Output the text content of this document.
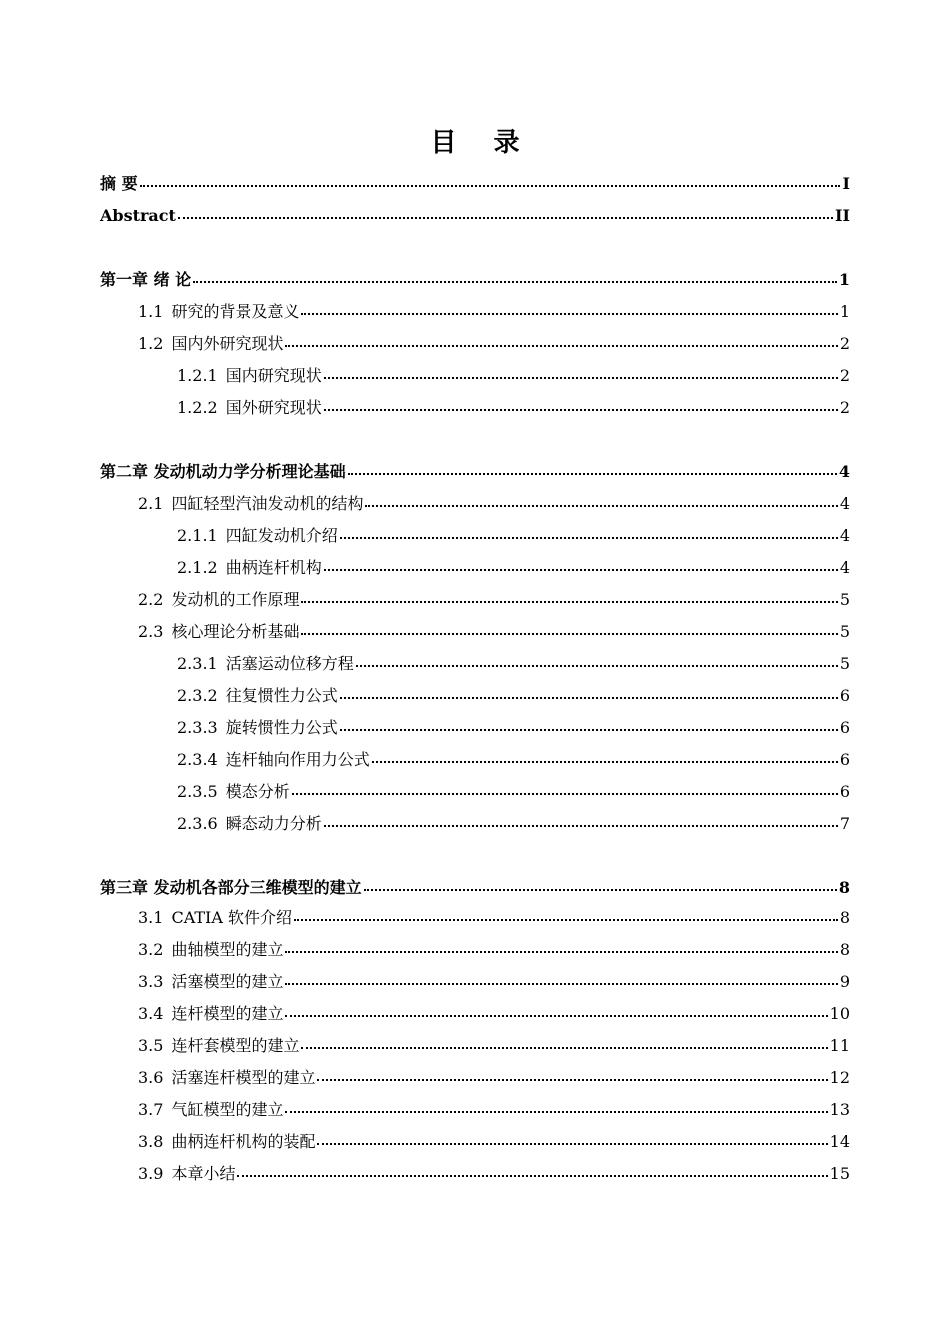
目 录
摘 要	I
Abstract	II
第一章 绪 论	1
1.1 研究的背景及意义	1
1.2 国内外研究现状	2
1.2.1 国内研究现状	2
1.2.2 国外研究现状	2
第二章 发动机动力学分析理论基础	4
2.1 四缸轻型汽油发动机的结构	4
2.1.1 四缸发动机介绍	4
2.1.2 曲柄连杆机构	4
2.2 发动机的工作原理	5
2.3 核心理论分析基础	5
2.3.1 活塞运动位移方程	5
2.3.2 往复惯性力公式	6
2.3.3 旋转惯性力公式	6
2.3.4 连杆轴向作用力公式	6
2.3.5 模态分析	6
2.3.6 瞬态动力分析	7
第三章 发动机各部分三维模型的建立	8
3.1 CATIA 软件介绍	8
3.2 曲轴模型的建立	8
3.3 活塞模型的建立	9
3.4 连杆模型的建立	10
3.5 连杆套模型的建立	11
3.6 活塞连杆模型的建立	12
3.7 气缸模型的建立	13
3.8 曲柄连杆机构的装配	14
3.9 本章小结	15
